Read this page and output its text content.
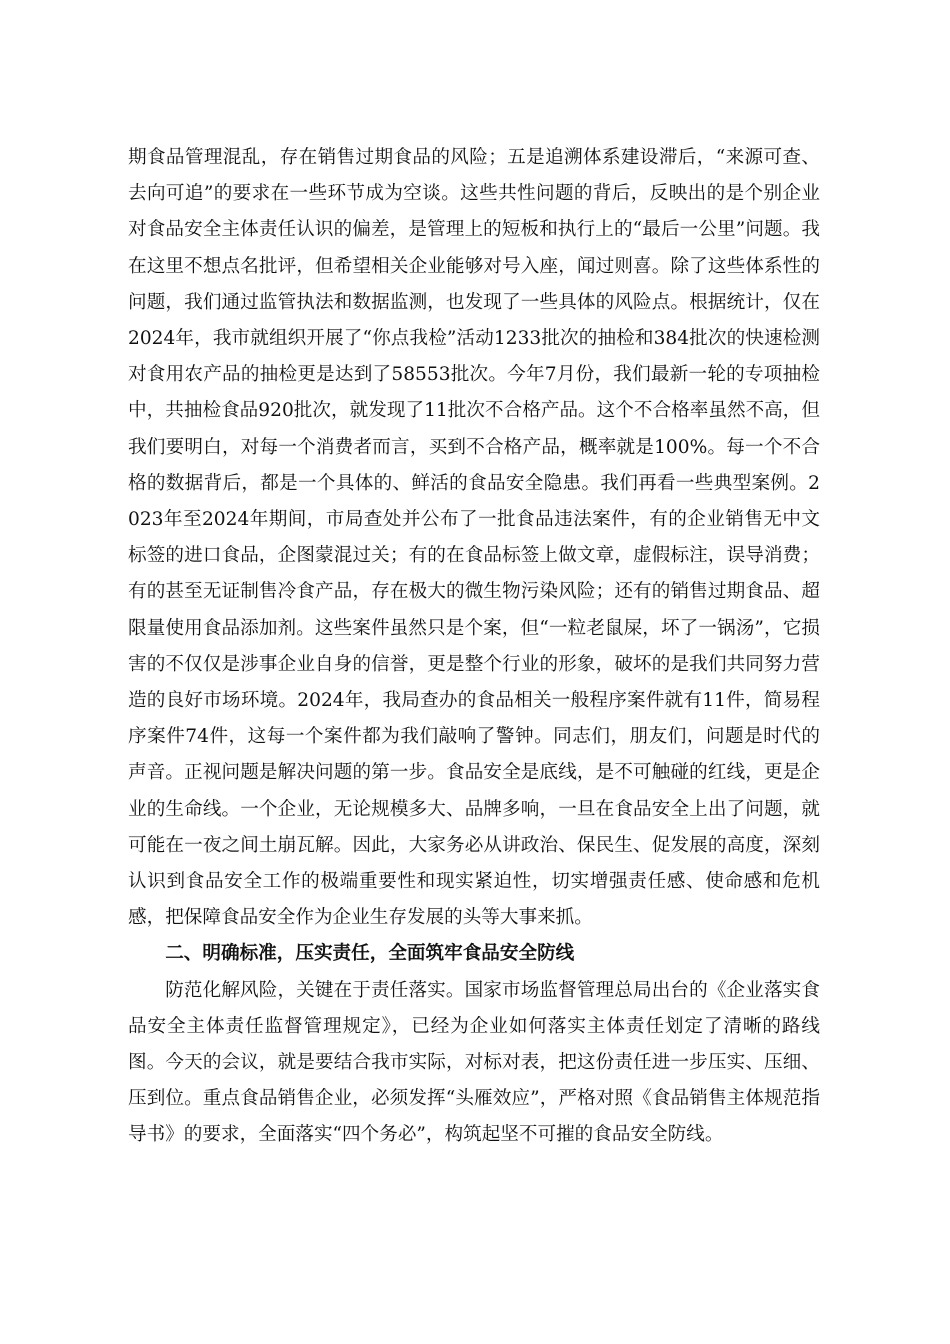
期食品管理混乱，存在销售过期食品的风险；五是追溯体系建设滞后，“来源可查、去向可追”的要求在一些环节成为空谈。这些共性问题的背后，反映出的是个别企业对食品安全主体责任认识的偏差，是管理上的短板和执行上的“最后一公里”问题。我在这里不想点名批评，但希望相关企业能够对号入座，闻过则喜。除了这些体系性的问题，我们通过监管执法和数据监测，也发现了一些具体的风险点。根据统计，仅在2024年，我市就组织开展了“你点我检”活动1233批次的抽检和384批次的快速检测对食用农产品的抽检更是达到了58553批次。今年7月份，我们最新一轮的专项抽检中，共抽检食品920批次，就发现了11批次不合格产品。这个不合格率虽然不高，但我们要明白，对每一个消费者而言，买到不合格产品，概率就是100%。每一个不合格的数据背后，都是一个具体的、鲜活的食品安全隐患。我们再看一些典型案例。2023年至2024年期间，市局查处并公布了一批食品违法案件，有的企业销售无中文标签的进口食品，企图蒙混过关；有的在食品标签上做文章，虚假标注，误导消费；有的甚至无证制售冷食产品，存在极大的微生物污染风险；还有的销售过期食品、超限量使用食品添加剂。这些案件虽然只是个案，但“一粒老鼠屎，坏了一锅汤”，它损害的不仅仅是涉事企业自身的信誉，更是整个行业的形象，破坏的是我们共同努力营造的良好市场环境。2024年，我局查办的食品相关一般程序案件就有11件，简易程序案件74件，这每一个案件都为我们敲响了警钟。同志们，朋友们，问题是时代的声音。正视问题是解决问题的第一步。食品安全是底线，是不可触碰的红线，更是企业的生命线。一个企业，无论规模多大、品牌多响，一旦在食品安全上出了问题，就可能在一夜之间土崩瓦解。因此，大家务必从讲政治、保民生、促发展的高度，深刻认识到食品安全工作的极端重要性和现实紧迫性，切实增强责任感、使命感和危机感，把保障食品安全作为企业生存发展的头等大事来抓。

二、明确标准，压实责任，全面筑牢食品安全防线

防范化解风险，关键在于责任落实。国家市场监督管理总局出台的《企业落实食品安全主体责任监督管理规定》，已经为企业如何落实主体责任划定了清晰的路线图。今天的会议，就是要结合我市实际，对标对表，把这份责任进一步压实、压细、压到位。重点食品销售企业，必须发挥“头雁效应”，严格对照《食品销售主体规范指导书》的要求，全面落实“四个务必”，构筑起坚不可摧的食品安全防线。
